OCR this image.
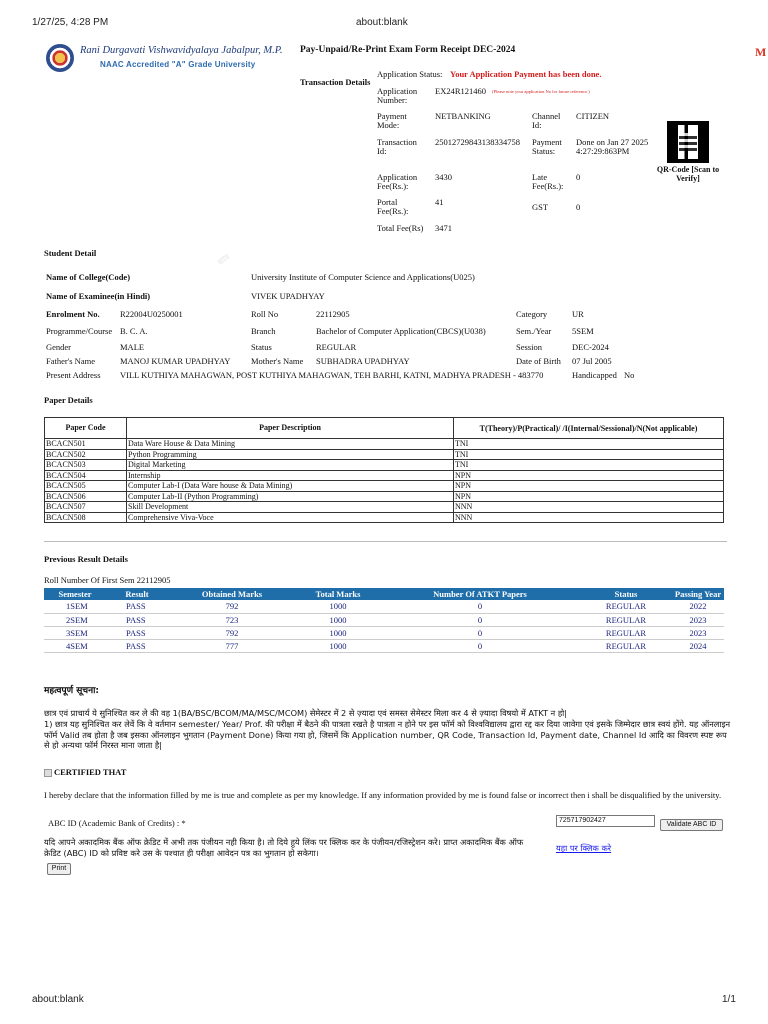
1/27/25, 4:28 PM	about:blank
छात्र
Rani Durgavati Vishwavidyalaya Jabalpur, M.P.
NAAC Accredited "A" Grade University
Pay-Unpaid/Re-Print Exam Form Receipt DEC-2024	M
Transaction Details
Application Status: Your Application Payment has been done.
Application Number:
EX24R121460 (Please note your application No for future reference.)
Payment Mode:
NETBANKING	Channel Id:
CITIZEN
Transaction Id:
25012729843138334758 Payment Status:
Done on Jan 27 2025 4:27:29:863PM
Application Fee(Rs.):
3430	Late Fee(Rs.):
0
Portal Fee(Rs.):
41	GST	0
Total Fee(Rs) 3471
QR-Code [Scan to Verify]
Student Detail
Name of College(Code)	University Institute of Computer Science and Applications(U025)
Name of Examinee(in Hindi)	VIVEK UPADHYAY
Enrolment No. R22004U0250001	Roll No	22112905	Category	UR
Programme/Course B. C. A.	Branch	Bachelor of Computer Application(CBCS)(U038)	Sem./Year 5SEM
Gender	MALE	Status	REGULAR	Session	DEC-2024
Father's Name	MANOJ KUMAR UPADHYAY Mother's Name SUBHADRA UPADHYAY	Date of Birth 07 Jul 2005
Present Address VILL KUTHIYA MAHAGWAN, POST KUTHIYA MAHAGWAN, TEH BARHI, KATNI, MADHYA PRADESH - 483770	Handicapped No
Paper Details
Paper Code	Paper Description	T(Theory)/P(Practical)/ /I(Internal/Sessional)/N(Not applicable)
BCACN501	Data Ware House & Data Mining	TNI
BCACN502	Python Programming	TNI
BCACN503	Digital Marketing	TNI
BCACN504	Internship	NPN
BCACN505	Computer Lab-I (Data Ware house & Data Mining)	NPN
BCACN506	Computer Lab-II (Python Programming)	NPN
BCACN507	Skill Development	NNN
BCACN508	Comprehensive Viva-Voce	NNN
Previous Result Details
Roll Number Of First Sem 22112905
Semester	Result	Obtained Marks	Total Marks	Number Of ATKT Papers	Status	Passing Year
1SEM	PASS	792	1000	0	REGULAR	2022
2SEM	PASS	723	1000	0	REGULAR	2023
3SEM	PASS	792	1000	0	REGULAR	2023
4SEM	PASS	777	1000	0	REGULAR	2024
महत्वपूर्ण सूचना:
छात्र एवं प्राचार्य ये सुनिश्चित कर ले की वह 1(BA/BSC/BCOM/MA/MSC/MCOM) सेमेस्टर में 2 से ज़्यादा एवं समस्त सेमेस्टर मिला कर 4 से ज़्यादा विषयो में ATKT न हो|
1) छात्र यह सुनिश्चित कर लेवें कि वे वर्तमान semester/ Year/ Prof. की परीक्षा में बैठने की पात्रता रखते है पात्रता न होने पर इस फॉर्म को विश्वविद्यालय द्वारा रद्द कर दिया जावेगा एवं इसके जिम्मेदार छात्र स्वयं होंगे. यह ऑनलाइन फॉर्म Valid तब होता है जब इसका ऑनलाइन भुगतान (Payment Done) किया गया हो, जिसमें कि Application number, QR Code, Transaction Id, Payment date, Channel Id आदि का विवरण स्पष्ट रूप से हो अन्यथा फॉर्म निरस्त माना जाता है|
CERTIFIED THAT
I hereby declare that the information filled by me is true and complete as per my knowledge. If any information provided by me is found false or incorrect then i shall be disqualified by the university.
ABC ID (Academic Bank of Credits) : *	725717902427
Validate ABC ID
यदि आपने अकादमिक बैंक ऑफ क्रेडिट में अभी तक पंजीयन नही किया है। तो दिये हुये लिंक पर क्लिक कर के पंजीयन/रजिस्ट्रेशन करे। प्राप्त अकादमिक बैंक ऑफ क्रेडिट (ABC) ID को प्रविष्ट करे उस के पश्चात ही परीक्षा आवेदन पत्र का भुगतान हो सकेगा।	यहा पर क्लिक करे
Print
about:blank	1/1
